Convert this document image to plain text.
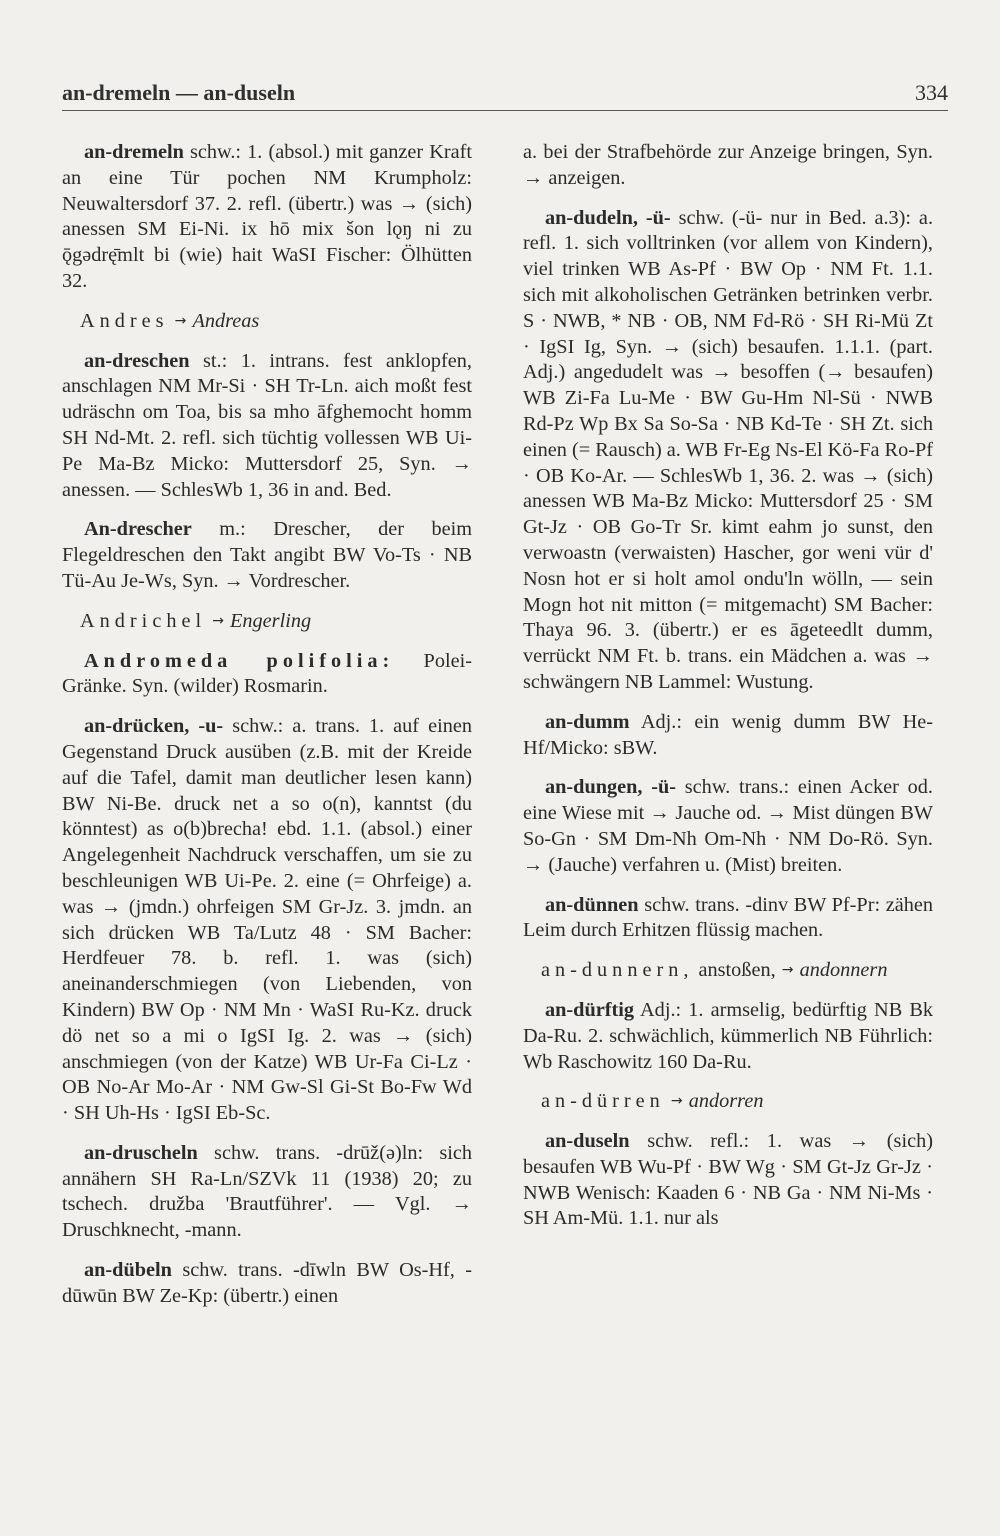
an-dremeln — an-duseln	334

an-dremeln schw.: 1. (absol.) mit ganzer Kraft an eine Tür pochen NM Krumpholz: Neuwaltersdorf 37. 2. refl. (übertr.) was → (sich) anessen SM Ei-Ni. ix hō mix šon lǫŋ ni zu ǭgədrę̄mlt bi (wie) hait WaSI Fischer: Ölhütten 32.

Andres → Andreas

an-dreschen st.: 1. intrans. fest anklopfen, anschlagen NM Mr-Si · SH Tr-Ln. aich moßt fest udräschn om Toa, bis sa mho āfghemocht homm SH Nd-Mt. 2. refl. sich tüchtig vollessen WB Ui-Pe Ma-Bz Micko: Muttersdorf 25, Syn. → anessen. — SchlesWb 1, 36 in and. Bed.

An-drescher m.: Drescher, der beim Flegeldreschen den Takt angibt BW Vo-Ts · NB Tü-Au Je-Ws, Syn. → Vordrescher.

Andrichel → Engerling

Andromeda polifolia: Polei-Gränke. Syn. (wilder) Rosmarin.

an-drücken, -u- schw.: a. trans. 1. auf einen Gegenstand Druck ausüben (z.B. mit der Kreide auf die Tafel, damit man deutlicher lesen kann) BW Ni-Be. druck net a so o(n), kanntst (du könntest) as o(b)brecha! ebd. 1.1. (absol.) einer Angelegenheit Nachdruck verschaffen, um sie zu beschleunigen WB Ui-Pe. 2. eine (= Ohrfeige) a. was → (jmdn.) ohrfeigen SM Gr-Jz. 3. jmdn. an sich drücken WB Ta/Lutz 48 · SM Bacher: Herdfeuer 78. b. refl. 1. was (sich) aneinanderschmiegen (von Liebenden, von Kindern) BW Op · NM Mn · WaSI Ru-Kz. druck dö net so a mi o IgSI Ig. 2. was → (sich) anschmiegen (von der Katze) WB Ur-Fa Ci-Lz · OB No-Ar Mo-Ar · NM Gw-Sl Gi-St Bo-Fw Wd · SH Uh-Hs · IgSI Eb-Sc.

an-druscheln schw. trans. -drūž(ə)ln: sich annähern SH Ra-Ln/SZVk 11 (1938) 20; zu tschech. družba 'Brautführer'. — Vgl. → Druschknecht, -mann.

an-dübeln schw. trans. -dīwln BW Os-Hf, -dūwūn BW Ze-Kp: (übertr.) einen

a. bei der Strafbehörde zur Anzeige bringen, Syn. → anzeigen.

an-dudeln, -ü- schw. (-ü- nur in Bed. a.3): a. refl. 1. sich volltrinken (vor allem von Kindern), viel trinken WB As-Pf · BW Op · NM Ft. 1.1. sich mit alkoholischen Getränken betrinken verbr. S · NWB, * NB · OB, NM Fd-Rö · SH Ri-Mü Zt · IgSI Ig, Syn. → (sich) besaufen. 1.1.1. (part. Adj.) angedudelt was → besoffen (→ besaufen) WB Zi-Fa Lu-Me · BW Gu-Hm Nl-Sü · NWB Rd-Pz Wp Bx Sa So-Sa · NB Kd-Te · SH Zt. sich einen (= Rausch) a. WB Fr-Eg Ns-El Kö-Fa Ro-Pf · OB Ko-Ar. — SchlesWb 1, 36. 2. was → (sich) anessen WB Ma-Bz Micko: Muttersdorf 25 · SM Gt-Jz · OB Go-Tr Sr. kimt eahm jo sunst, den verwoastn (verwaisten) Hascher, gor weni vür d' Nosn hot er si holt amol ondu'ln wölln, — sein Mogn hot nit mitton (= mitgemacht) SM Bacher: Thaya 96. 3. (übertr.) er es āgeteedlt dumm, verrückt NM Ft. b. trans. ein Mädchen a. was → schwängern NB Lammel: Wustung.

an-dumm Adj.: ein wenig dumm BW He-Hf/Micko: sBW.

an-dungen, -ü- schw. trans.: einen Acker od. eine Wiese mit → Jauche od. → Mist düngen BW So-Gn · SM Dm-Nh Om-Nh · NM Do-Rö. Syn. → (Jauche) verfahren u. (Mist) breiten.

an-dünnen schw. trans. -dinv BW Pf-Pr: zähen Leim durch Erhitzen flüssig machen.

an-dunnern, anstoßen, → andonnern

an-dürftig Adj.: 1. armselig, bedürftig NB Bk Da-Ru. 2. schwächlich, kümmerlich NB Führlich: Wb Raschowitz 160 Da-Ru.

an-dürren → andorren

an-duseln schw. refl.: 1. was → (sich) besaufen WB Wu-Pf · BW Wg · SM Gt-Jz Gr-Jz · NWB Wenisch: Kaaden 6 · NB Ga · NM Ni-Ms · SH Am-Mü. 1.1. nur als
